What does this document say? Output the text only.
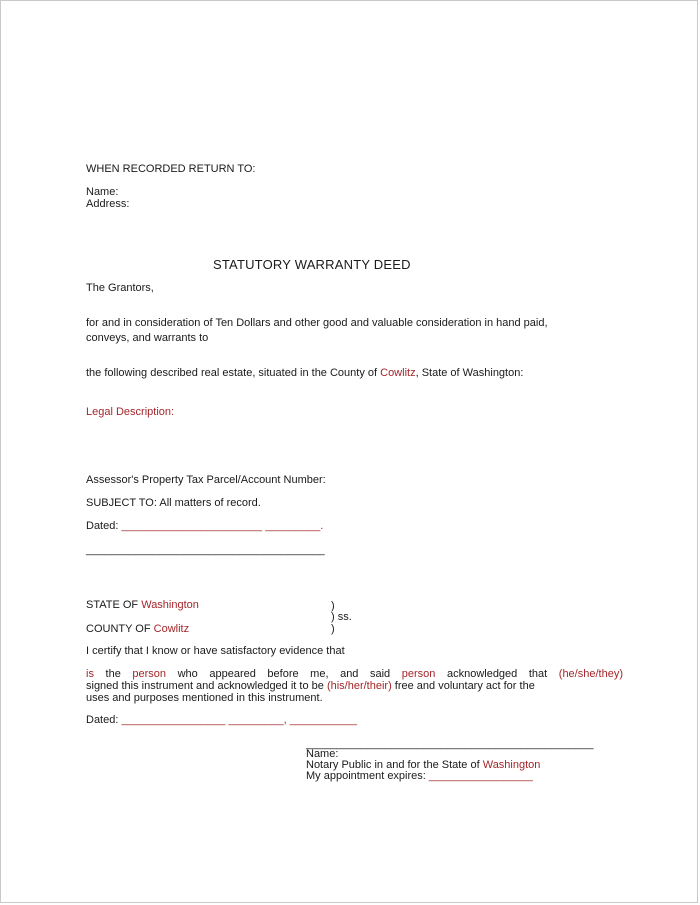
WHEN RECORDED RETURN TO:
Name:
Address:
STATUTORY WARRANTY DEED
The Grantors,
for and in consideration of Ten Dollars and other good and valuable consideration in hand paid,
conveys, and warrants to
the following described real estate, situated in the County of Cowlitz, State of Washington:
Legal Description:
Assessor's Property Tax Parcel/Account Number:
SUBJECT TO: All matters of record.
Dated: _______________________ _________.
_______________________________________
STATE OF Washington	)
) ss.
COUNTY OF Cowlitz	)
I certify that I know or have satisfactory evidence that
is the person who appeared before me, and said person acknowledged that (he/she/they)
signed this instrument and acknowledged it to be (his/her/their) free and voluntary act for the
uses and purposes mentioned in this instrument.
Dated: _________________ _________, ___________
_______________________________________________
Name:
Notary Public in and for the State of Washington
My appointment expires: _________________
